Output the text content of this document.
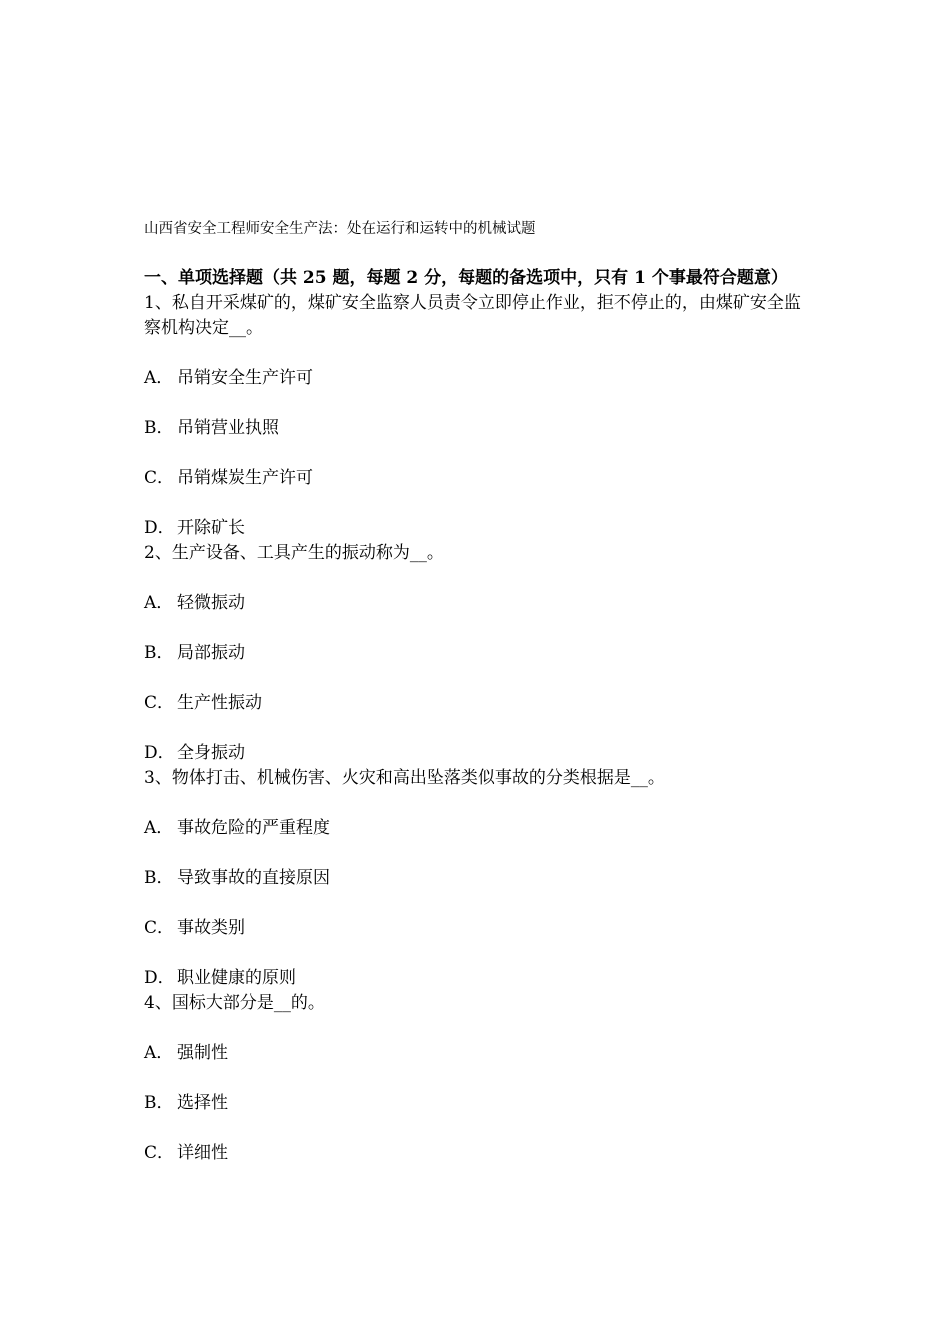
山西省安全工程师安全生产法：处在运行和运转中的机械试题

一、单项选择题（共 25 题，每题 2 分，每题的备选项中，只有 1 个事最符合题意）

1、私自开采煤矿的，煤矿安全监察人员责令立即停止作业，拒不停止的，由煤矿安全监察机构决定__。

A． 吊销安全生产许可

B． 吊销营业执照

C． 吊销煤炭生产许可

D． 开除矿长

2、生产设备、工具产生的振动称为__。

A． 轻微振动

B． 局部振动

C． 生产性振动

D． 全身振动

3、物体打击、机械伤害、火灾和高出坠落类似事故的分类根据是__。

A． 事故危险的严重程度

B． 导致事故的直接原因

C． 事故类别

D． 职业健康的原则

4、国标大部分是__的。

A． 强制性

B． 选择性

C． 详细性
